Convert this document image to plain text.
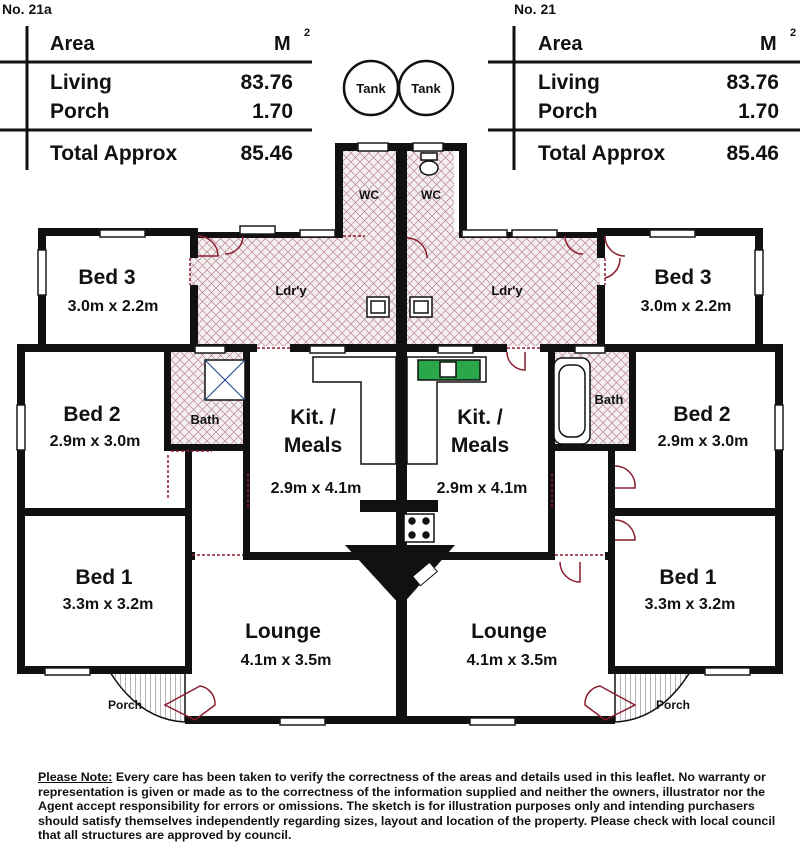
No. 21a
Area	M 2
Living	83.76
Porch	1.70
Total Approx	85.46
No. 21
Area	M 2
Living	83.76
Porch	1.70
Total Approx	85.46
Tank Tank
WC
Ldr'y
Bed 3
3.0m x 2.2m
Bed 2
2.9m x 3.0m
Bath	Kit. /
Meals
2.9m x 4.1m
Bed 1
3.3m x 3.2m
Lounge
4.1m x 3.5m
Porch
WC
Ldr'y
Bed 3
3.0m x 2.2m
Bed 2
2.9m x 3.0m
Bath
Kit. /
Meals
2.9m x 4.1m
Bed 1
3.3m x 3.2m
Lounge
4.1m x 3.5m
Porch
Please Note: Every care has been taken to verify the correctness of the areas and details used in this leaflet. No warranty or representation is given or made as to the correctness of the information supplied and neither the owners, illustrator nor the Agent accept responsibility for errors or omissions. The sketch is for illustration purposes only and intending purchasers should satisfy themselves independently regarding sizes, layout and location of the property. Please check with local council that all structures are approved by council.
